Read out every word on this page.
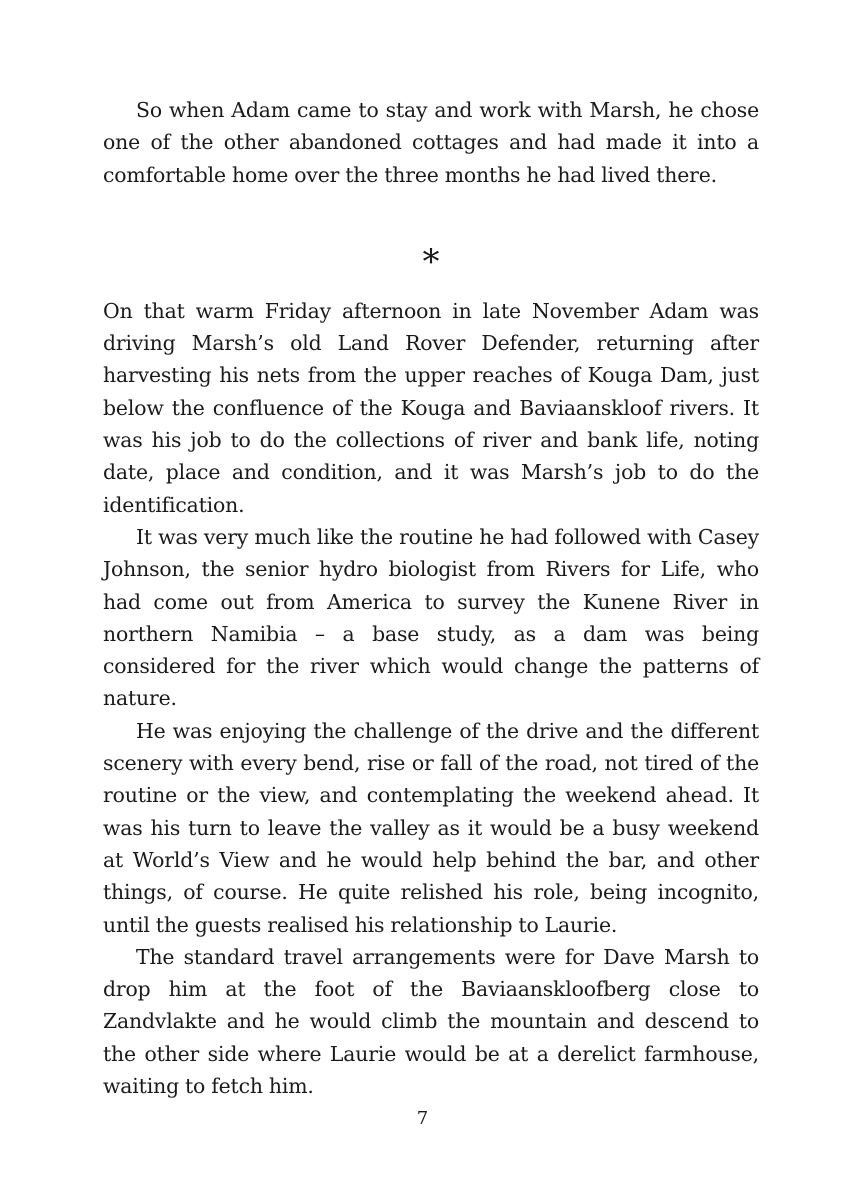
So when Adam came to stay and work with Marsh, he chose one of the other abandoned cottages and had made it into a comfortable home over the three months he had lived there.

*

On that warm Friday afternoon in late November Adam was driving Marsh’s old Land Rover Defender, returning after harvesting his nets from the upper reaches of Kouga Dam, just below the confluence of the Kouga and Baviaanskloof rivers. It was his job to do the collections of river and bank life, noting date, place and condition, and it was Marsh’s job to do the identification.

It was very much like the routine he had followed with Casey Johnson, the senior hydro biologist from Rivers for Life, who had come out from America to survey the Kunene River in northern Namibia – a base study, as a dam was being considered for the river which would change the patterns of nature.

He was enjoying the challenge of the drive and the different scenery with every bend, rise or fall of the road, not tired of the routine or the view, and contemplating the weekend ahead. It was his turn to leave the valley as it would be a busy weekend at World’s View and he would help behind the bar, and other things, of course. He quite relished his role, being incognito, until the guests realised his relationship to Laurie.

The standard travel arrangements were for Dave Marsh to drop him at the foot of the Baviaanskloofberg close to Zandvlakte and he would climb the mountain and descend to the other side where Laurie would be at a derelict farmhouse, waiting to fetch him.

7
